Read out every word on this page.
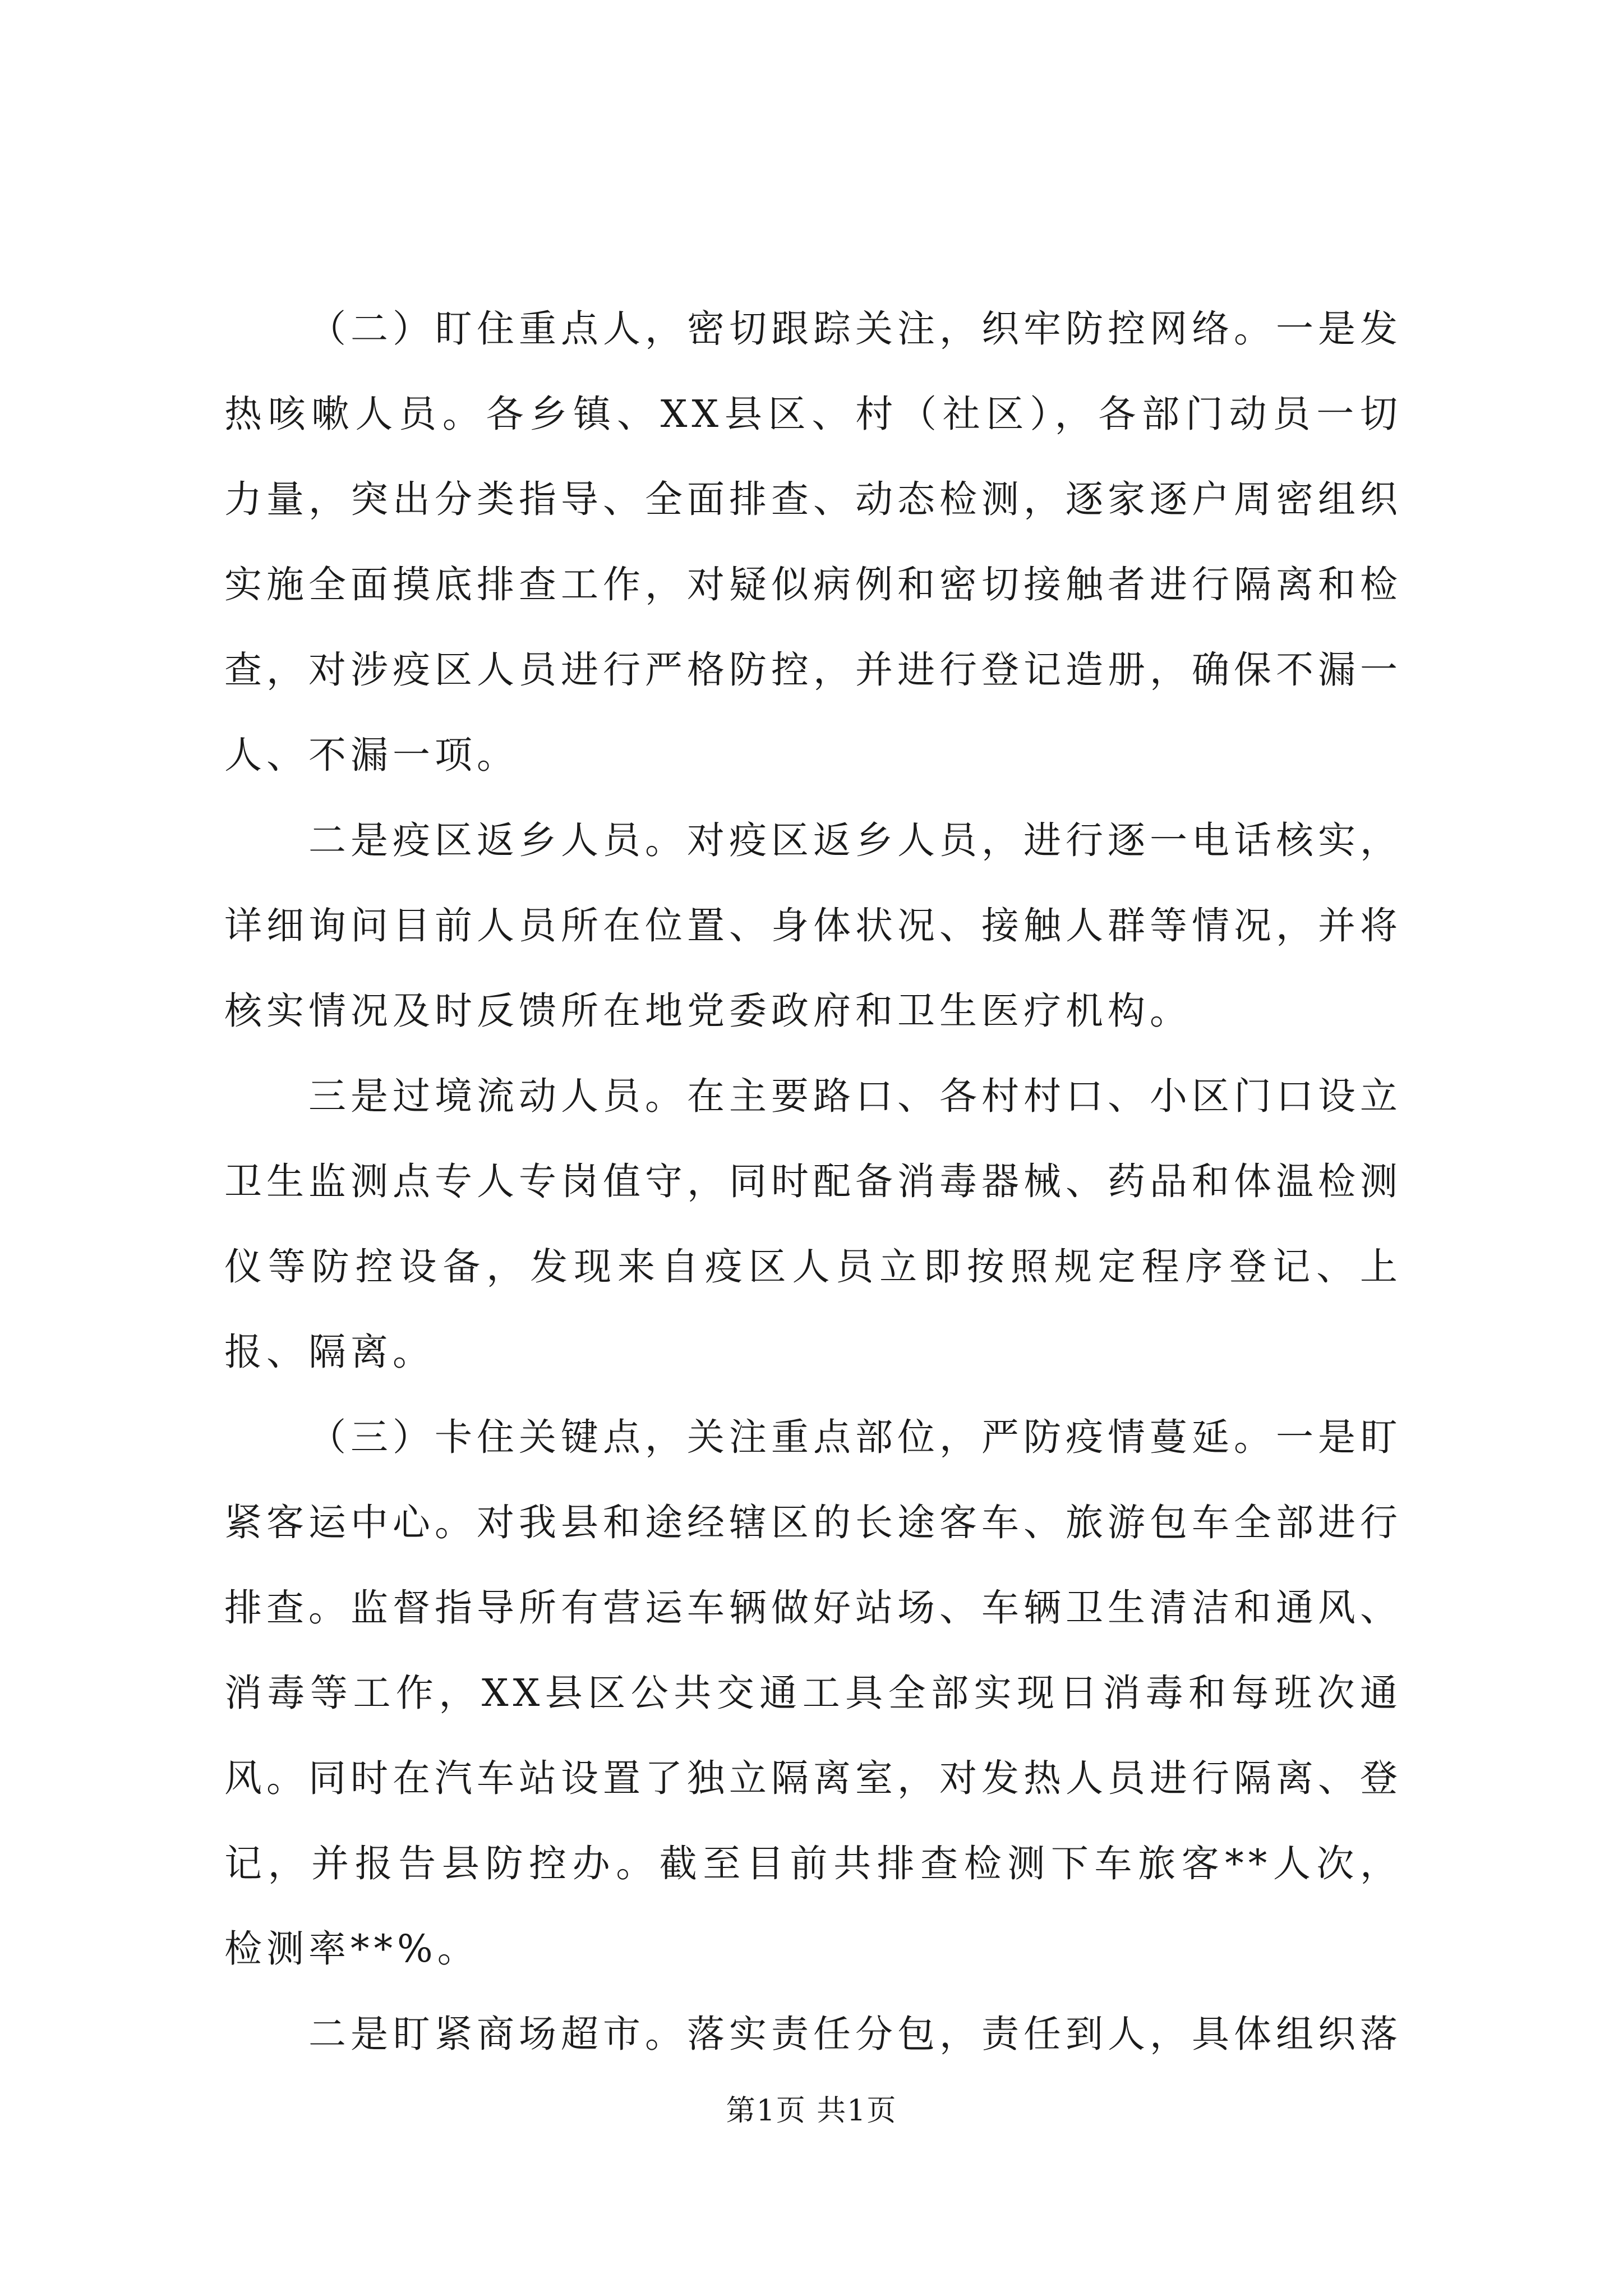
（二）盯住重点人，密切跟踪关注，织牢防控网络。一是发热咳嗽人员。各乡镇、XX县区、村（社区），各部门动员一切力量，突出分类指导、全面排查、动态检测，逐家逐户周密组织实施全面摸底排查工作，对疑似病例和密切接触者进行隔离和检查，对涉疫区人员进行严格防控，并进行登记造册，确保不漏一人、不漏一项。

二是疫区返乡人员。对疫区返乡人员，进行逐一电话核实，详细询问目前人员所在位置、身体状况、接触人群等情况，并将核实情况及时反馈所在地党委政府和卫生医疗机构。

三是过境流动人员。在主要路口、各村村口、小区门口设立卫生监测点专人专岗值守，同时配备消毒器械、药品和体温检测仪等防控设备，发现来自疫区人员立即按照规定程序登记、上报、隔离。

（三）卡住关键点，关注重点部位，严防疫情蔓延。一是盯紧客运中心。对我县和途经辖区的长途客车、旅游包车全部进行排查。监督指导所有营运车辆做好站场、车辆卫生清洁和通风、消毒等工作，XX县区公共交通工具全部实现日消毒和每班次通风。同时在汽车站设置了独立隔离室，对发热人员进行隔离、登记，并报告县防控办。截至目前共排查检测下车旅客**人次，检测率**%。

二是盯紧商场超市。落实责任分包，责任到人，具体组织落

第1页 共1页
